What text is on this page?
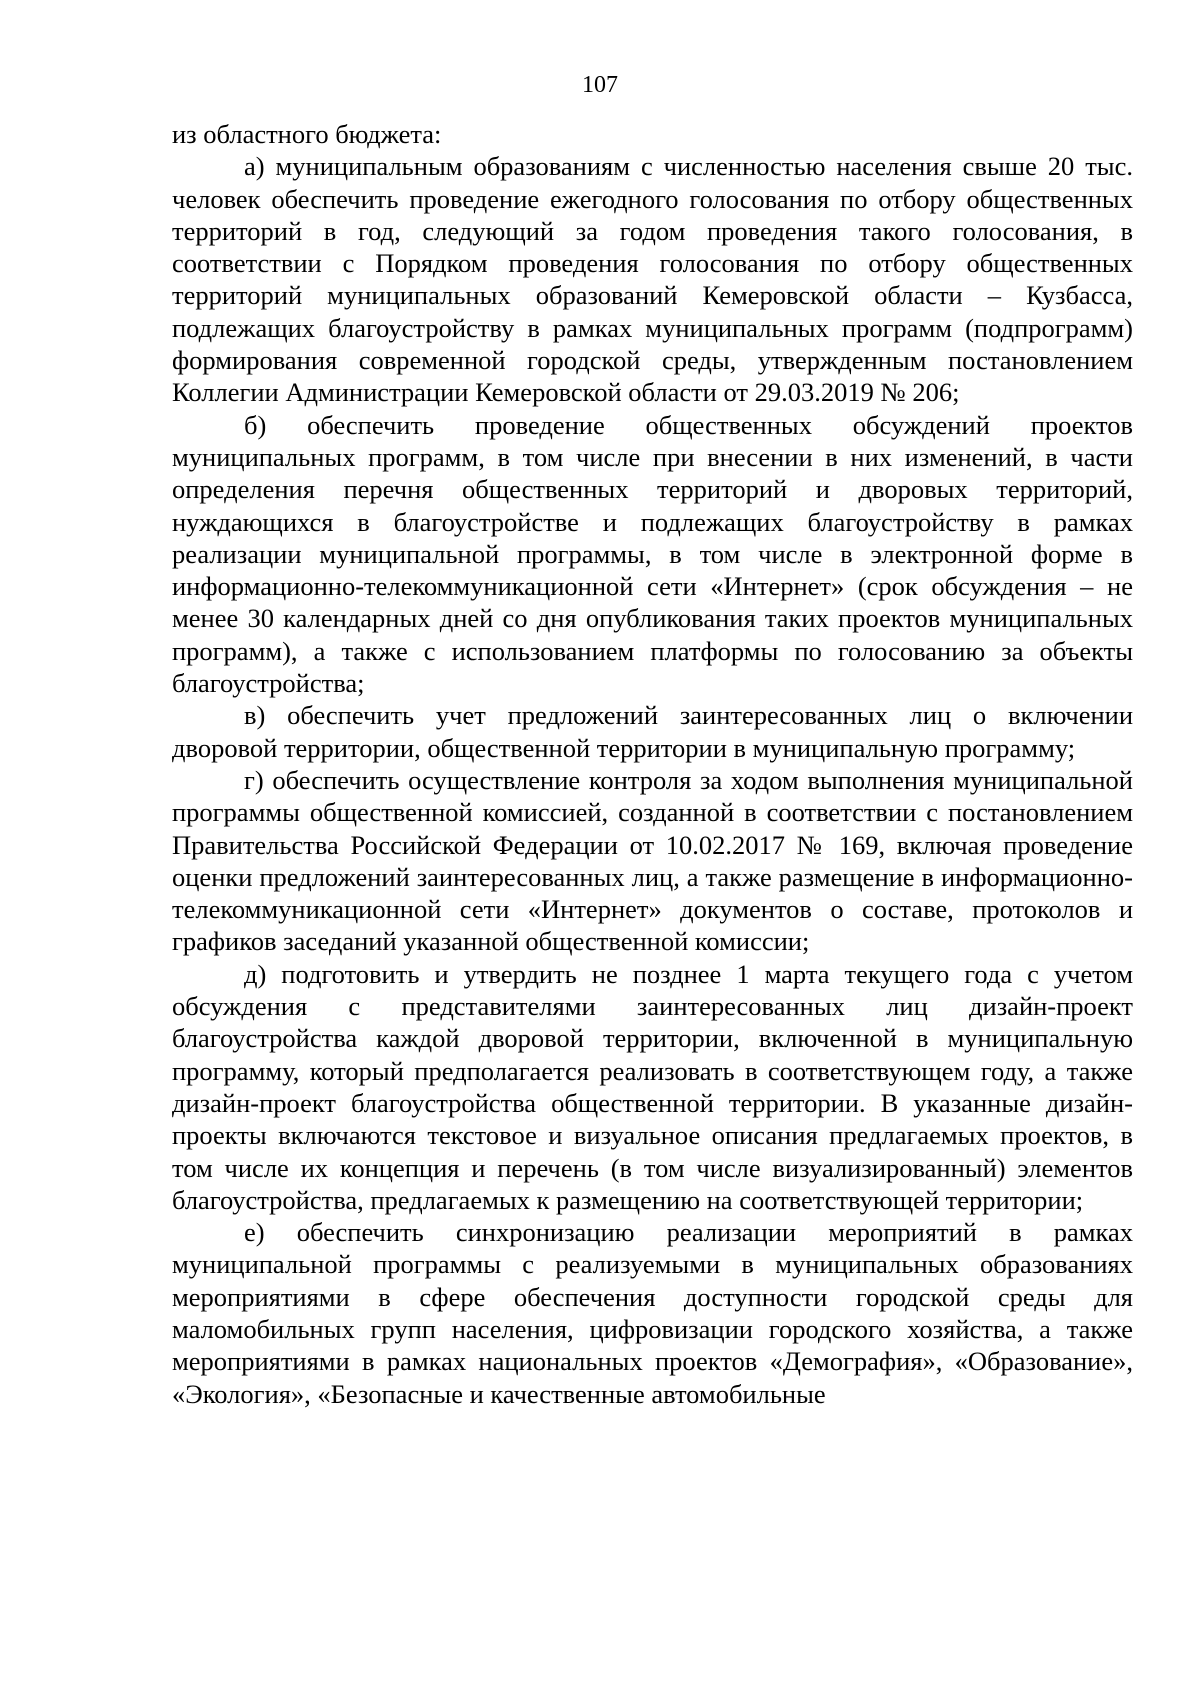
107

из областного бюджета:

а) муниципальным образованиям с численностью населения свыше 20 тыс. человек обеспечить проведение ежегодного голосования по отбору общественных территорий в год, следующий за годом проведения такого голосования, в соответствии с Порядком проведения голосования по отбору общественных территорий муниципальных образований Кемеровской области ‒ Кузбасса, подлежащих благоустройству в рамках муниципальных программ (подпрограмм) формирования современной городской среды, утвержденным постановлением Коллегии Администрации Кемеровской области от 29.03.2019 № 206;

б) обеспечить проведение общественных обсуждений проектов муниципальных программ, в том числе при внесении в них изменений, в части определения перечня общественных территорий и дворовых территорий, нуждающихся в благоустройстве и подлежащих благоустройству в рамках реализации муниципальной программы, в том числе в электронной форме в информационно-телекоммуникационной сети «Интернет» (срок обсуждения – не менее 30 календарных дней со дня опубликования таких проектов муниципальных программ), а также с использованием платформы по голосованию за объекты благоустройства;

в) обеспечить учет предложений заинтересованных лиц о включении дворовой территории, общественной территории в муниципальную программу;

г) обеспечить осуществление контроля за ходом выполнения муниципальной программы общественной комиссией, созданной в соответствии с постановлением Правительства Российской Федерации от 10.02.2017 № 169, включая проведение оценки предложений заинтересованных лиц, а также размещение в информационно-телекоммуникационной сети «Интернет» документов о составе, протоколов и графиков заседаний указанной общественной комиссии;

д) подготовить и утвердить не позднее 1 марта текущего года с учетом обсуждения с представителями заинтересованных лиц дизайн-проект благоустройства каждой дворовой территории, включенной в муниципальную программу, который предполагается реализовать в соответствующем году, а также дизайн-проект благоустройства общественной территории. В указанные дизайн-проекты включаются текстовое и визуальное описания предлагаемых проектов, в том числе их концепция и перечень (в том числе визуализированный) элементов благоустройства, предлагаемых к размещению на соответствующей территории;

е) обеспечить синхронизацию реализации мероприятий в рамках муниципальной программы с реализуемыми в муниципальных образованиях мероприятиями в сфере обеспечения доступности городской среды для маломобильных групп населения, цифровизации городского хозяйства, а также мероприятиями в рамках национальных проектов «Демография», «Образование», «Экология», «Безопасные и качественные автомобильные
